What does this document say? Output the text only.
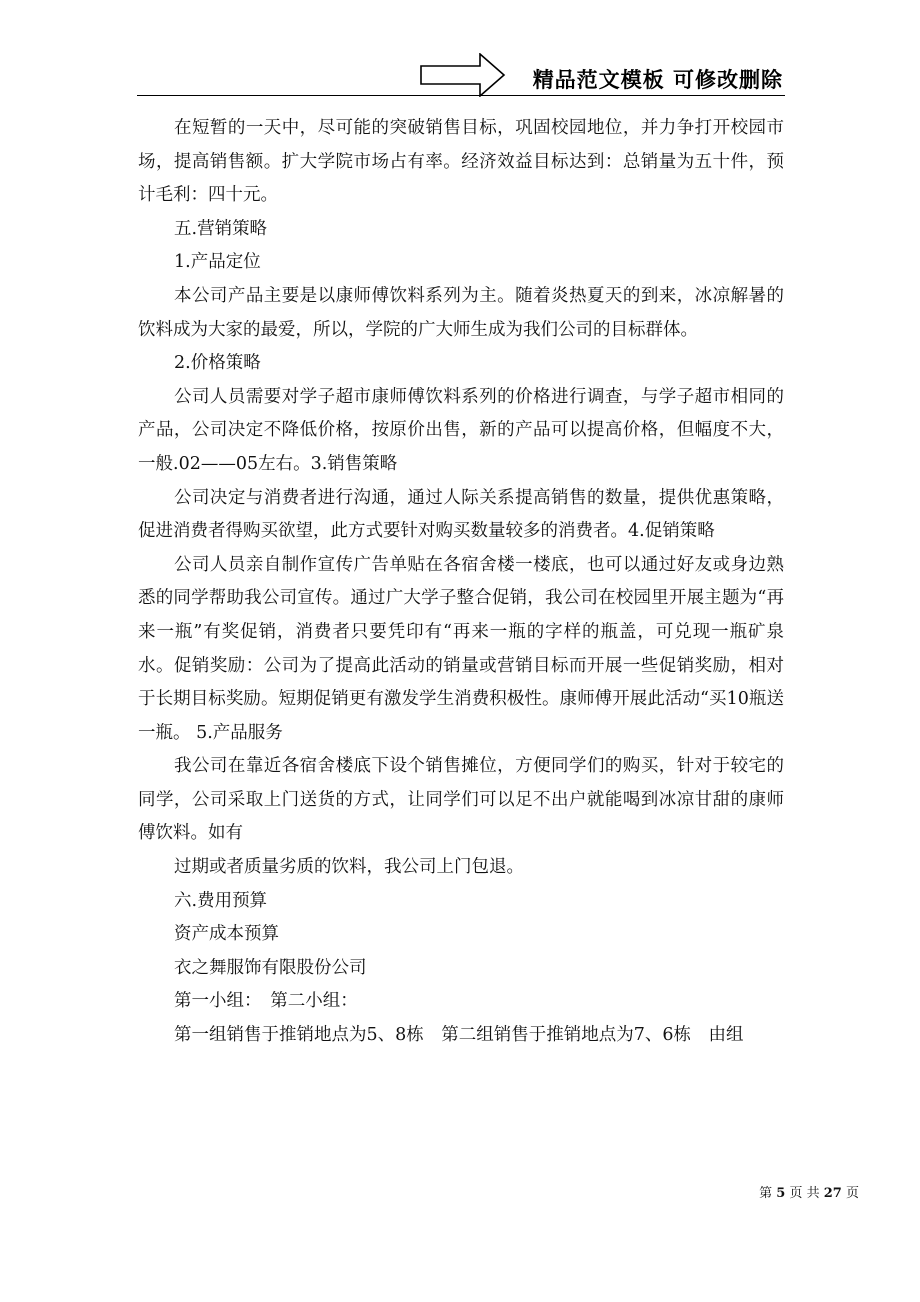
精品范文模板 可修改删除

在短暂的一天中，尽可能的突破销售目标，巩固校园地位，并力争打开校园市场，提高销售额。扩大学院市场占有率。经济效益目标达到：总销量为五十件，预计毛利：四十元。

五.营销策略

1.产品定位

本公司产品主要是以康师傅饮料系列为主。随着炎热夏天的到来，冰凉解暑的饮料成为大家的最爱，所以，学院的广大师生成为我们公司的目标群体。

2.价格策略

公司人员需要对学子超市康师傅饮料系列的价格进行调查，与学子超市相同的产品，公司决定不降低价格，按原价出售，新的产品可以提高价格，但幅度不大，一般.02——05左右。3.销售策略

公司决定与消费者进行沟通，通过人际关系提高销售的数量，提供优惠策略，促进消费者得购买欲望，此方式要针对购买数量较多的消费者。4.促销策略

公司人员亲自制作宣传广告单贴在各宿舍楼一楼底，也可以通过好友或身边熟悉的同学帮助我公司宣传。通过广大学子整合促销，我公司在校园里开展主题为“再来一瓶”有奖促销，消费者只要凭印有“再来一瓶的字样的瓶盖，可兑现一瓶矿泉水。促销奖励：公司为了提高此活动的销量或营销目标而开展一些促销奖励，相对于长期目标奖励。短期促销更有激发学生消费积极性。康师傅开展此活动“买10瓶送一瓶。 5.产品服务

我公司在靠近各宿舍楼底下设个销售摊位，方便同学们的购买，针对于较宅的同学，公司采取上门送货的方式，让同学们可以足不出户就能喝到冰凉甘甜的康师傅饮料。如有

过期或者质量劣质的饮料，我公司上门包退。

六.费用预算

资产成本预算

衣之舞服饰有限股份公司

第一小组：　第二小组：

第一组销售于推销地点为5、8栋　第二组销售于推销地点为7、6栋　由组

第 5 页 共 27 页
